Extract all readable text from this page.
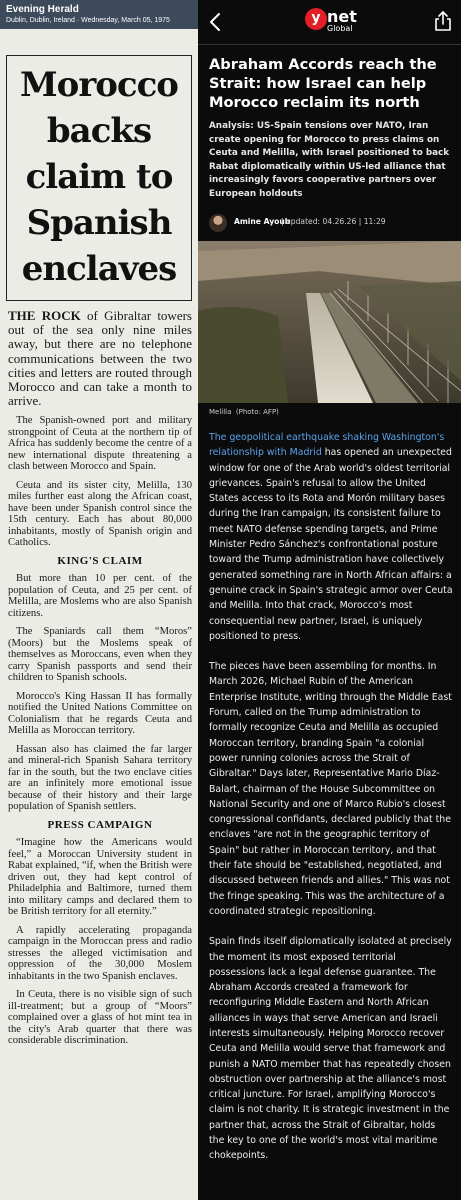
Evening Herald
Dublin, Dublin, Ireland · Wednesday, March 05, 1975
Morocco
backs
claim to
Spanish
enclaves

THE ROCK of Gibraltar towers out of the sea only nine miles away, but there are no telephone communications between the two cities and letters are routed through Morocco and can take a month to arrive.

The Spanish-owned port and military strongpoint of Ceuta at the northern tip of Africa has suddenly become the centre of a new international dispute threatening a clash between Morocco and Spain.

Ceuta and its sister city, Melilla, 130 miles further east along the African coast, have been under Spanish control since the 15th century. Each has about 80,000 inhabitants, mostly of Spanish origin and Catholics.

KING'S CLAIM

But more than 10 per cent. of the population of Ceuta, and 25 per cent. of Melilla, are Moslems who are also Spanish citizens.

The Spaniards call them “Moros” (Moors) but the Moslems speak of themselves as Moroccans, even when they carry Spanish passports and send their children to Spanish schools.

Morocco's King Hassan II has formally notified the United Nations Committee on Colonialism that he regards Ceuta and Melilla as Moroccan territory.

Hassan also has claimed the far larger and mineral-rich Spanish Sahara territory far in the south, but the two enclave cities are an infinitely more emotional issue because of their history and their large population of Spanish settlers.

PRESS CAMPAIGN

“Imagine how the Americans would feel,” a Moroccan University student in Rabat explained, “if, when the British were driven out, they had kept control of Philadelphia and Baltimore, turned them into military camps and declared them to be British territory for all eternity.”

A rapidly accelerating propaganda campaign in the Moroccan press and radio stresses the alleged victimisation and oppression of the 30,000 Moslem inhabitants in the two Spanish enclaves.

In Ceuta, there is no visible sign of such ill-treatment; but a group of “Moors” complained over a glass of hot mint tea in the city's Arab quarter that there was considerable discrimination.

y net
Global
Abraham Accords reach the Strait: how Israel can help Morocco reclaim its north
Analysis: US-Spain tensions over NATO, Iran create opening for Morocco to press claims on Ceuta and Melilla, with Israel positioned to back Rabat diplomatically within US-led alliance that increasingly favors cooperative partners over European holdouts
Amine Ayoub
| updated: 04.26.26 | 11:29
Melilla  (Photo: AFP)

The geopolitical earthquake shaking Washington's relationship with Madrid has opened an unexpected window for one of the Arab world's oldest territorial grievances. Spain's refusal to allow the United States access to its Rota and Morón military bases during the Iran campaign, its consistent failure to meet NATO defense spending targets, and Prime Minister Pedro Sánchez's confrontational posture toward the Trump administration have collectively generated something rare in North African affairs: a genuine crack in Spain's strategic armor over Ceuta and Melilla. Into that crack, Morocco's most consequential new partner, Israel, is uniquely positioned to press.

The pieces have been assembling for months. In March 2026, Michael Rubin of the American Enterprise Institute, writing through the Middle East Forum, called on the Trump administration to formally recognize Ceuta and Melilla as occupied Moroccan territory, branding Spain "a colonial power running colonies across the Strait of Gibraltar." Days later, Representative Mario Díaz-Balart, chairman of the House Subcommittee on National Security and one of Marco Rubio's closest congressional confidants, declared publicly that the enclaves "are not in the geographic territory of Spain" but rather in Moroccan territory, and that their fate should be "established, negotiated, and discussed between friends and allies." This was not the fringe speaking. This was the architecture of a coordinated strategic repositioning.

Spain finds itself diplomatically isolated at precisely the moment its most exposed territorial possessions lack a legal defense guarantee. The Abraham Accords created a framework for reconfiguring Middle Eastern and North African alliances in ways that serve American and Israeli interests simultaneously. Helping Morocco recover Ceuta and Melilla would serve that framework and punish a NATO member that has repeatedly chosen obstruction over partnership at the alliance's most critical juncture. For Israel, amplifying Morocco's claim is not charity. It is strategic investment in the partner that, across the Strait of Gibraltar, holds the key to one of the world's most vital maritime chokepoints.
